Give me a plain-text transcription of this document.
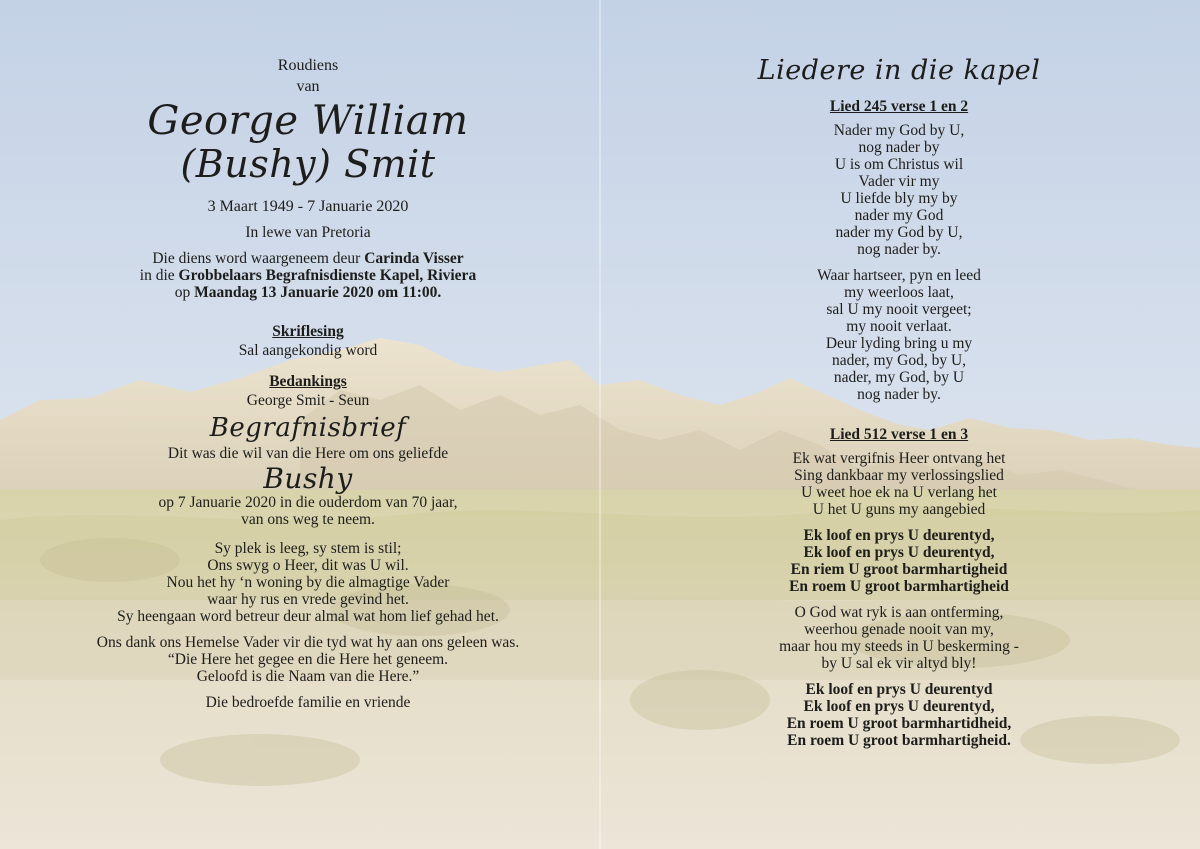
Roudiens

van

George William

(Bushy) Smit

3 Maart 1949 - 7 Januarie 2020

In lewe van Pretoria

Die diens word waargeneem deur Carinda Visser

in die Grobbelaars Begrafnisdienste Kapel, Riviera

op Maandag 13 Januarie 2020 om 11:00.

Skriflesing

Sal aangekondig word

Bedankings

George Smit - Seun

Begrafnisbrief

Dit was die wil van die Here om ons geliefde

Bushy

op 7 Januarie 2020 in die ouderdom van 70 jaar,

van ons weg te neem.

Sy plek is leeg, sy stem is stil;

Ons swyg o Heer, dit was U wil.

Nou het hy ‘n woning by die almagtige Vader

waar hy rus en vrede gevind het.

Sy heengaan word betreur deur almal wat hom lief gehad het.

Ons dank ons Hemelse Vader vir die tyd wat hy aan ons geleen was.

“Die Here het gegee en die Here het geneem.

Geloofd is die Naam van die Here.”

Die bedroefde familie en vriende

Liedere in die kapel

Lied 245 verse 1 en 2

Nader my God by U,

nog nader by

U is om Christus wil

Vader vir my

U liefde bly my by

nader my God

nader my God by U,

nog nader by.

Waar hartseer, pyn en leed

my weerloos laat,

sal U my nooit vergeet;

my nooit verlaat.

Deur lyding bring u my

nader, my God, by U,

nader, my God, by U

nog nader by.

Lied 512 verse 1 en 3

Ek wat vergifnis Heer ontvang het

Sing dankbaar my verlossingslied

U weet hoe ek na U verlang het

U het U guns my aangebied

Ek loof en prys U deurentyd,

Ek loof en prys U deurentyd,

En riem U groot barmhartigheid

En roem U groot barmhartigheid

O God wat ryk is aan ontferming,

weerhou genade nooit van my,

maar hou my steeds in U beskerming -

by U sal ek vir altyd bly!

Ek loof en prys U deurentyd

Ek loof en prys U deurentyd,

En roem U groot barmhartidheid,

En roem U groot barmhartigheid.
